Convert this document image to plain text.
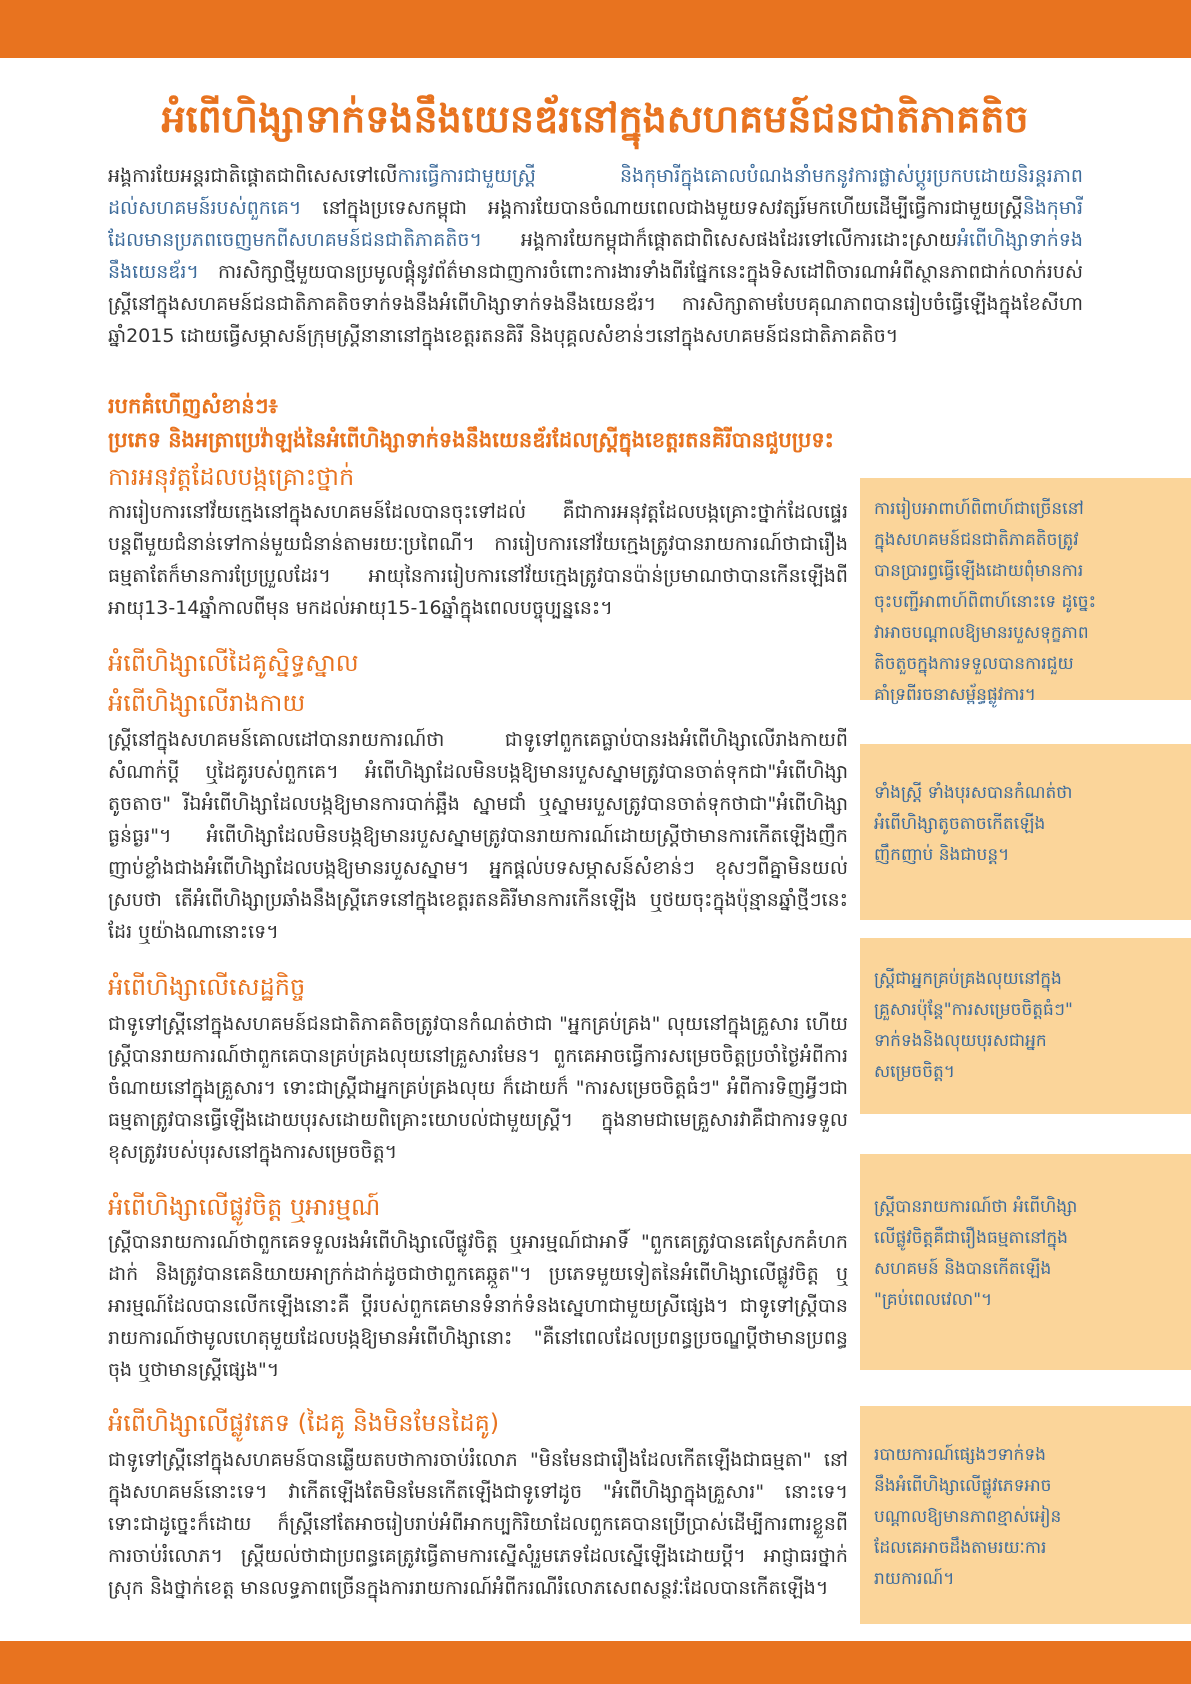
អំពើហិង្សាទាក់ទងនឹងយេនឌ័រនៅក្នុងសហគមន៍ជនជាតិភាគតិច
អង្គការយែអន្តរជាតិផ្តោតជាពិសេសទៅលើការធ្វើការជាមួយស្ត្រី និងកុមារីក្នុងគោលបំណងនាំមកនូវការផ្លាស់ប្តូរប្រកបដោយនិរន្តរភាពដល់សហគមន៍របស់ពួកគេ។ នៅក្នុងប្រទេសកម្ពុជា អង្គការយែបានចំណាយពេលជាងមួយទសវត្សរ៍មកហើយដើម្បីធ្វើការជាមួយស្ត្រីនិងកុមារីដែលមានប្រភពចេញមកពីសហគមន៍ជនជាតិភាគតិច។ អង្គការយែកម្ពុជាក៏ផ្តោតជាពិសេសផងដែរទៅលើការដោះស្រាយអំពើហិង្សាទាក់ទងនឹងយេនឌ័រ។ ការសិក្សាថ្មីមួយបានប្រមូលផ្តុំនូវព័ត៌មានជាញការចំពោះការងារទាំងពីរផ្នែកនេះក្នុងទិសដៅពិចារណាអំពីស្ថានភាពជាក់លាក់របស់ស្ត្រីនៅក្នុងសហគមន៍ជនជាតិភាគតិចទាក់ទងនឹងអំពើហិង្សាទាក់ទងនឹងយេនឌ័រ។ ការសិក្សាតាមបែបគុណភាពបានរៀបចំធ្វើឡើងក្នុងខែសីហាឆ្នាំ2015 ដោយធ្វើសម្ភាសន៍ក្រុមស្ត្រីនានានៅក្នុងខេត្តរតនគិរី និងបុគ្គលសំខាន់ៗនៅក្នុងសហគមន៍ជនជាតិភាគតិច។
របកគំហើញសំខាន់ៗ៖
ប្រភេទ និងអត្រាប្រេវ៉ាឡង់នៃអំពើហិង្សាទាក់ទងនឹងយេនឌ័រដែលស្ត្រីក្នុងខេត្តរតនគិរីបានជួបប្រទះ
ការអនុវត្តដែលបង្កគ្រោះថ្នាក់
ការរៀបការនៅវ័យក្មេងនៅក្នុងសហគមន៍ដែលបានចុះទៅដល់ គឺជាការអនុវត្តដែលបង្កគ្រោះថ្នាក់ដែលផ្ទេរបន្តពីមួយជំនាន់ទៅកាន់មួយជំនាន់តាមរយៈប្រពៃណី។ ការរៀបការនៅវ័យក្មេងត្រូវបានរាយការណ៍ថាជារឿងធម្មតាតែក៏មានការប្រែប្រួលដែរ។ អាយុនៃការរៀបការនៅវ័យក្មេងត្រូវបានប៉ាន់ប្រមាណថាបានកើនឡើងពីអាយុ13-14ឆ្នាំកាលពីមុន មកដល់អាយុ15-16ឆ្នាំក្នុងពេលបច្ចុប្បន្ននេះ។
អំពើហិង្សាលើដៃគូស្និទ្ធស្នាល
អំពើហិង្សាលើរាងកាយ
ស្ត្រីនៅក្នុងសហគមន៍គោលដៅបានរាយការណ៍ថា ជាទូទៅពួកគេធ្លាប់បានរងអំពើហិង្សាលើរាងកាយពីសំណាក់ប្តី ឬដៃគូរបស់ពួកគេ។ អំពើហិង្សាដែលមិនបង្កឱ្យមានរបួសស្នាមត្រូវបានចាត់ទុកជា"អំពើហិង្សាតូចតាច" រីឯអំពើហិង្សាដែលបង្កឱ្យមានការបាក់ឆ្អឹង ស្នាមជាំ ឬស្នាមរបួសត្រូវបានចាត់ទុកថាជា"អំពើហិង្សាធ្ងន់ធ្ងរ"។ អំពើហិង្សាដែលមិនបង្កឱ្យមានរបួសស្នាមត្រូវបានរាយការណ៍ដោយស្ត្រីថាមានការកើតឡើងញឹកញាប់ខ្លាំងជាងអំពើហិង្សាដែលបង្កឱ្យមានរបួសស្នាម។ អ្នកផ្តល់បទសម្ភាសន៍សំខាន់ៗ ខុសៗពីគ្នាមិនយល់ស្របថា តើអំពើហិង្សាប្រឆាំងនឹងស្ត្រីភេទនៅក្នុងខេត្តរតនគិរីមានការកើនឡើង ឬថយចុះក្នុងប៉ុន្មានឆ្នាំថ្មីៗនេះដែរ ឬយ៉ាងណានោះទេ។
អំពើហិង្សាលើសេដ្ឋកិច្ច
ជាទូទៅស្ត្រីនៅក្នុងសហគមន៍ជនជាតិភាគតិចត្រូវបានកំណត់ថាជា "អ្នកគ្រប់គ្រង" លុយនៅក្នុងគ្រួសារ ហើយស្ត្រីបានរាយការណ៍ថាពួកគេបានគ្រប់គ្រងលុយនៅគ្រួសារមែន។ ពួកគេអាចធ្វើការសម្រេចចិត្តប្រចាំថ្ងៃអំពីការចំណាយនៅក្នុងគ្រួសារ។ ទោះជាស្ត្រីជាអ្នកគ្រប់គ្រងលុយ ក៏ដោយក៏ "ការសម្រេចចិត្តធំៗ" អំពីការទិញអ្វីៗជាធម្មតាត្រូវបានធ្វើឡើងដោយបុរសដោយពិគ្រោះយោបល់ជាមួយស្ត្រី។ ក្នុងនាមជាមេគ្រួសារវាគឺជាការទទួលខុសត្រូវរបស់បុរសនៅក្នុងការសម្រេចចិត្ត។
អំពើហិង្សាលើផ្លូវចិត្ត ឬអារម្មណ៍
ស្ត្រីបានរាយការណ៍ថាពួកគេទទួលរងអំពើហិង្សាលើផ្លូវចិត្ត ឬអារម្មណ៍ជាអាទិ៍ "ពួកគេត្រូវបានគេស្រែកគំហកដាក់ និងត្រូវបានគេនិយាយអាក្រក់ដាក់ដូចជាថាពួកគេឆ្កួត"។ ប្រភេទមួយទៀតនៃអំពើហិង្សាលើផ្លូវចិត្ត ឬអារម្មណ៍ដែលបានលើកឡើងនោះគឺ ប្តីរបស់ពួកគេមានទំនាក់ទំនងស្នេហាជាមួយស្រីផ្សេង។ ជាទូទៅស្ត្រីបានរាយការណ៍ថាមូលហេតុមួយដែលបង្កឱ្យមានអំពើហិង្សានោះ "គឺនៅពេលដែលប្រពន្ធប្រចណ្ឌប្តីថាមានប្រពន្ធចុង ឬថាមានស្ត្រីផ្សេង"។
អំពើហិង្សាលើផ្លូវភេទ (ដៃគូ និងមិនមែនដៃគូ)
ជាទូទៅស្ត្រីនៅក្នុងសហគមន៍បានឆ្លើយតបថាការចាប់រំលោភ "មិនមែនជារឿងដែលកើតឡើងជាធម្មតា" នៅក្នុងសហគមន៍នោះទេ។ វាកើតឡើងតែមិនមែនកើតឡើងជាទូទៅដូច "អំពើហិង្សាក្នុងគ្រួសារ" នោះទេ។ ទោះជាដូច្នេះក៏ដោយ ក៏ស្ត្រីនៅតែអាចរៀបរាប់អំពីអាកប្បកិរិយាដែលពួកគេបានប្រើប្រាស់ដើម្បីការពារខ្លួនពីការចាប់រំលោភ។ ស្ត្រីយល់ថាជាប្រពន្ធគេត្រូវធ្វើតាមការស្នើសុំរួមភេទដែលស្នើឡើងដោយប្តី។ អាជ្ញាធរថ្នាក់ស្រុក និងថ្នាក់ខេត្ត មានលទ្ធភាពច្រើនក្នុងការរាយការណ៍អំពីករណីរំលោភសេពសន្ថវៈដែលបានកើតឡើង។
ការរៀបអាពាហ៍ពិពាហ៍ជាច្រើននៅ
ក្នុងសហគមន៍ជនជាតិភាគតិចត្រូវ
បានប្រារព្ធធ្វើឡើងដោយពុំមានការ
ចុះបញ្ជីអាពាហ៍ពិពាហ៍នោះទេ ដូច្នេះ
វាអាចបណ្តាលឱ្យមានរបួសទុក្ខភាព
តិចតួចក្នុងការទទួលបានការជួយ
គាំទ្រពីរចនាសម្ព័ន្ធផ្លូវការ។
ទាំងស្ត្រី ទាំងបុរសបានកំណត់ថា
អំពើហិង្សាតូចតាចកើតឡើង
ញឹកញាប់ និងជាបន្ត។
ស្ត្រីជាអ្នកគ្រប់គ្រងលុយនៅក្នុង
គ្រួសារប៉ុន្តែ"ការសម្រេចចិត្តធំៗ"
ទាក់ទងនិងលុយបុរសជាអ្នក
សម្រេចចិត្ត។
ស្ត្រីបានរាយការណ៍ថា អំពើហិង្សា
លើផ្លូវចិត្តគឺជារឿងធម្មតានៅក្នុង
សហគមន៍ និងបានកើតឡើង
"គ្រប់ពេលវេលា"។
របាយការណ៍ផ្សេងៗទាក់ទង
នឹងអំពើហិង្សាលើផ្លូវភេទអាច
បណ្តាលឱ្យមានភាពខ្មាស់អៀន
ដែលគេអាចដឹងតាមរយៈការ
រាយការណ៍។
